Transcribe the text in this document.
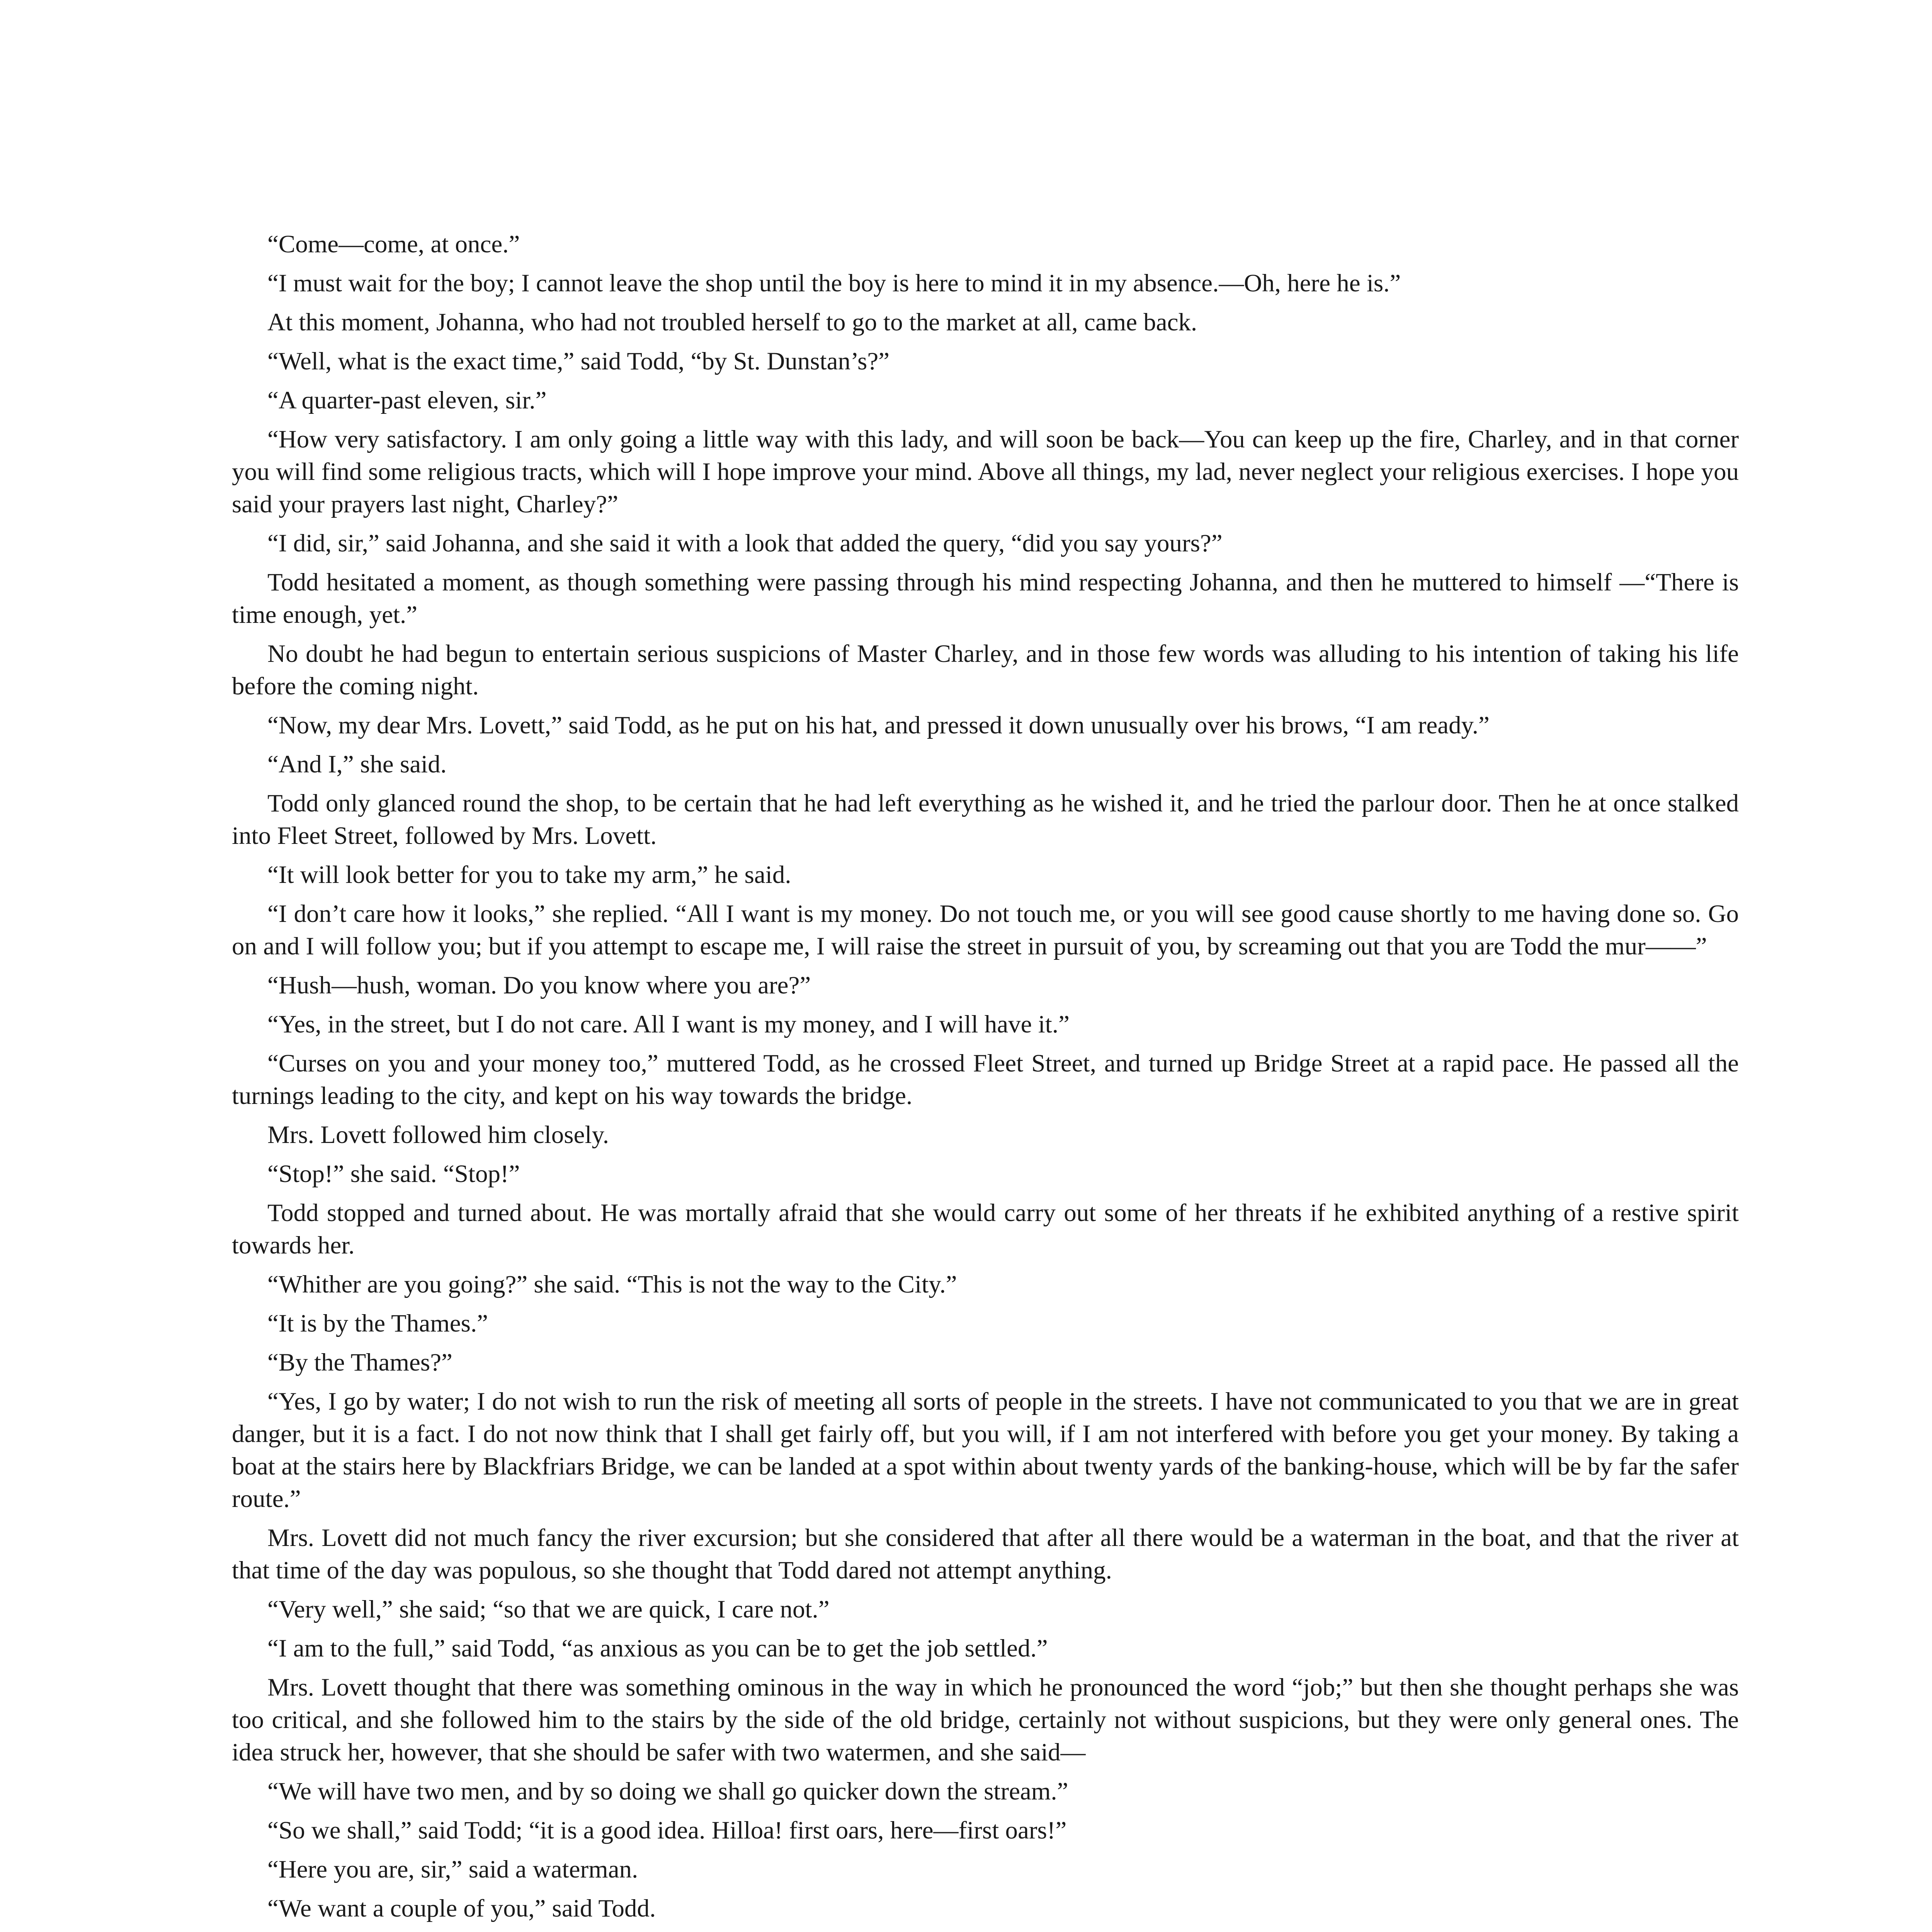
“Come—come, at once.”

“I must wait for the boy; I cannot leave the shop until the boy is here to mind it in my absence.—Oh, here he is.”

At this moment, Johanna, who had not troubled herself to go to the market at all, came back.

“Well, what is the exact time,” said Todd, “by St. Dunstan’s?”

“A quarter-past eleven, sir.”

“How very satisfactory. I am only going a little way with this lady, and will soon be back—You can keep up the fire, Charley, and in that corner you will find some religious tracts, which will I hope improve your mind. Above all things, my lad, never neglect your religious exercises. I hope you said your prayers last night, Charley?”

“I did, sir,” said Johanna, and she said it with a look that added the query, “did you say yours?”

Todd hesitated a moment, as though something were passing through his mind respecting Johanna, and then he muttered to himself —“There is time enough, yet.”

No doubt he had begun to entertain serious suspicions of Master Charley, and in those few words was alluding to his intention of taking his life before the coming night.

“Now, my dear Mrs. Lovett,” said Todd, as he put on his hat, and pressed it down unusually over his brows, “I am ready.”

“And I,” she said.

Todd only glanced round the shop, to be certain that he had left everything as he wished it, and he tried the parlour door. Then he at once stalked into Fleet Street, followed by Mrs. Lovett.

“It will look better for you to take my arm,” he said.

“I don’t care how it looks,” she replied. “All I want is my money. Do not touch me, or you will see good cause shortly to me having done so. Go on and I will follow you; but if you attempt to escape me, I will raise the street in pursuit of you, by screaming out that you are Todd the mur——”

“Hush—hush, woman. Do you know where you are?”

“Yes, in the street, but I do not care. All I want is my money, and I will have it.”

“Curses on you and your money too,” muttered Todd, as he crossed Fleet Street, and turned up Bridge Street at a rapid pace. He passed all the turnings leading to the city, and kept on his way towards the bridge.

Mrs. Lovett followed him closely.

“Stop!” she said. “Stop!”

Todd stopped and turned about. He was mortally afraid that she would carry out some of her threats if he exhibited anything of a restive spirit towards her.

“Whither are you going?” she said. “This is not the way to the City.”

“It is by the Thames.”

“By the Thames?”

“Yes, I go by water; I do not wish to run the risk of meeting all sorts of people in the streets. I have not communicated to you that we are in great danger, but it is a fact. I do not now think that I shall get fairly off, but you will, if I am not interfered with before you get your money. By taking a boat at the stairs here by Blackfriars Bridge, we can be landed at a spot within about twenty yards of the banking-house, which will be by far the safer route.”

Mrs. Lovett did not much fancy the river excursion; but she considered that after all there would be a waterman in the boat, and that the river at that time of the day was populous, so she thought that Todd dared not attempt anything.

“Very well,” she said; “so that we are quick, I care not.”

“I am to the full,” said Todd, “as anxious as you can be to get the job settled.”

Mrs. Lovett thought that there was something ominous in the way in which he pronounced the word “job;” but then she thought perhaps she was too critical, and she followed him to the stairs by the side of the old bridge, certainly not without suspicions, but they were only general ones. The idea struck her, however, that she should be safer with two watermen, and she said—

“We will have two men, and by so doing we shall go quicker down the stream.”

“So we shall,” said Todd; “it is a good idea. Hilloa! first oars, here—first oars!”

“Here you are, sir,” said a waterman.

“We want a couple of you,” said Todd.
